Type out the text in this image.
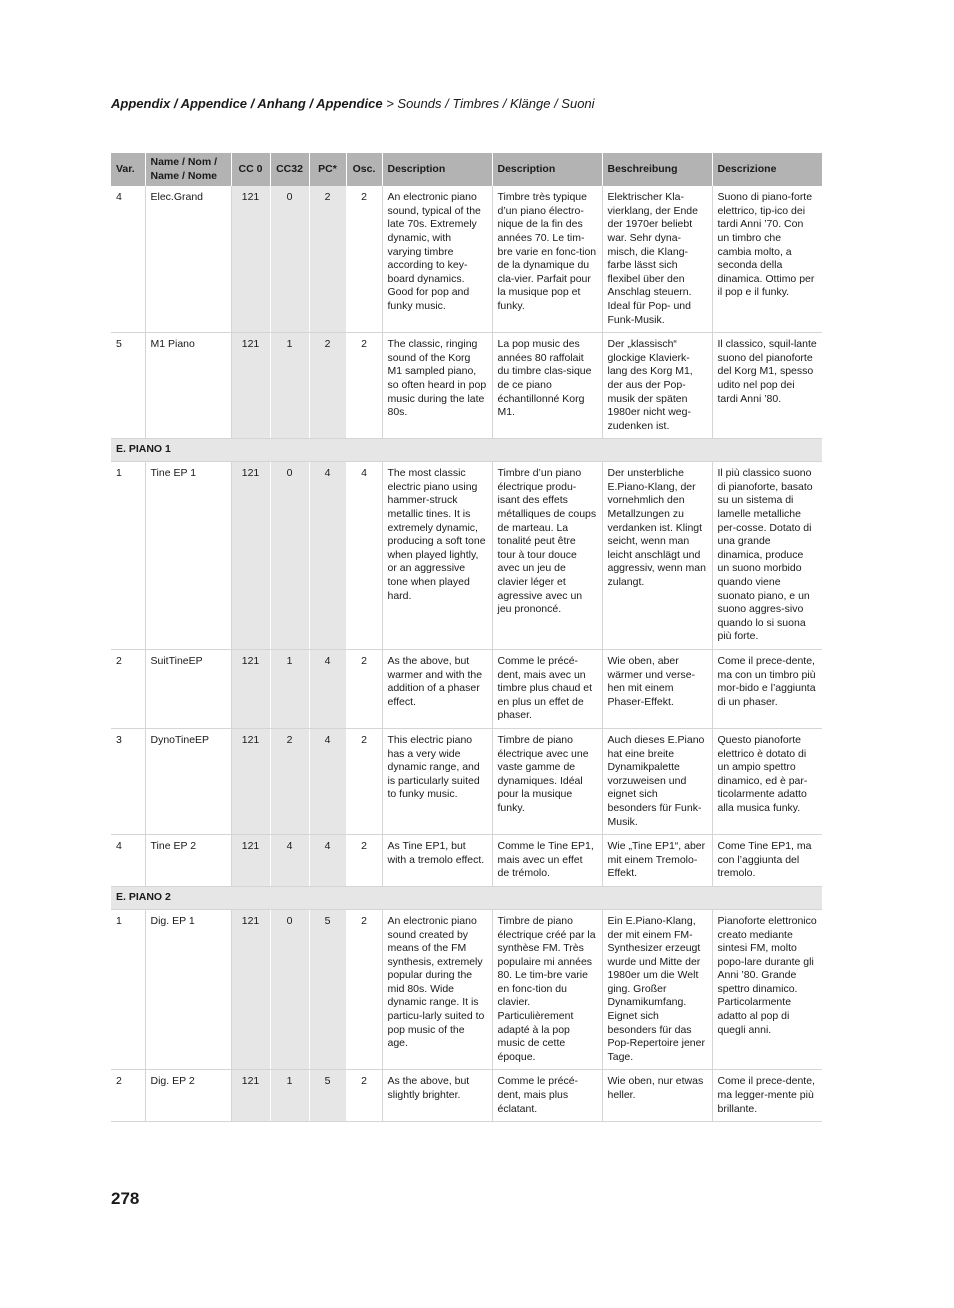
Appendix / Appendice / Anhang / Appendice > Sounds / Timbres / Klänge / Suoni
Var.	Name / Nom / Name / Nome	CC 0	CC32	PC*	Osc.	Description	Description	Beschreibung	Descrizione
4	Elec.Grand	121	0	2	2	An electronic piano sound, typical of the late 70s. Extremely dynamic, with varying timbre according to key-board dynamics. Good for pop and funky music.	Timbre très typique d’un piano électro-nique de la fin des années 70. Le tim-bre varie en fonc-tion de la dynamique du cla-vier. Parfait pour la musique pop et funky.	Elektrischer Kla-vierklang, der Ende der 1970er beliebt war. Sehr dyna-misch, die Klang-farbe lässt sich flexibel über den Anschlag steuern. Ideal für Pop- und Funk-Musik.	Suono di piano-forte elettrico, tip-ico dei tardi Anni ’70. Con un timbro che cambia molto, a seconda della dinamica. Ottimo per il pop e il funky.
5	M1 Piano	121	1	2	2	The classic, ringing sound of the Korg M1 sampled piano, so often heard in pop music during the late 80s.	La pop music des années 80 raffolait du timbre clas-sique de ce piano échantillonné Korg M1.	Der „klassisch“ glockige Klavierk-lang des Korg M1, der aus der Pop-musik der späten 1980er nicht weg-zudenken ist.	Il classico, squil-lante suono del pianoforte del Korg M1, spesso udito nel pop dei tardi Anni ’80.
E. PIANO 1									
1	Tine EP 1	121	0	4	4	The most classic electric piano using hammer-struck metallic tines. It is extremely dynamic, producing a soft tone when played lightly, or an aggressive tone when played hard.	Timbre d’un piano électrique produ-isant des effets métalliques de coups de marteau. La tonalité peut être tour à tour douce avec un jeu de clavier léger et agressive avec un jeu prononcé.	Der unsterbliche E.Piano-Klang, der vornehmlich den Metallzungen zu verdanken ist. Klingt seicht, wenn man leicht anschlägt und aggressiv, wenn man zulangt.	Il più classico suono di pianoforte, basato su un sistema di lamelle metalliche per-cosse. Dotato di una grande dinamica, produce un suono morbido quando viene suonato piano, e un suono aggres-sivo quando lo si suona più forte.
2	SuitTineEP	121	1	4	2	As the above, but warmer and with the addition of a phaser effect.	Comme le précé-dent, mais avec un timbre plus chaud et en plus un effet de phaser.	Wie oben, aber wärmer und verse-hen mit einem Phaser-Effekt.	Come il prece-dente, ma con un timbro più mor-bido e l’aggiunta di un phaser.
3	DynoTineEP	121	2	4	2	This electric piano has a very wide dynamic range, and is particularly suited to funky music.	Timbre de piano électrique avec une vaste gamme de dynamiques. Idéal pour la musique funky.	Auch dieses E.Piano hat eine breite Dynamikpalette vorzuweisen und eignet sich besonders für Funk-Musik.	Questo pianoforte elettrico è dotato di un ampio spettro dinamico, ed è par-ticolarmente adatto alla musica funky.
4	Tine EP 2	121	4	4	2	As Tine EP1, but with a tremolo effect.	Comme le Tine EP1, mais avec un effet de trémolo.	Wie „Tine EP1“, aber mit einem Tremolo-Effekt.	Come Tine EP1, ma con l’aggiunta del tremolo.
E. PIANO 2									
1	Dig. EP 1	121	0	5	2	An electronic piano sound created by means of the FM synthesis, extremely popular during the mid 80s. Wide dynamic range. It is particu-larly suited to pop music of the age.	Timbre de piano électrique créé par la synthèse FM. Très populaire mi années 80. Le tim-bre varie en fonc-tion du clavier. Particulièrement adapté à la pop music de cette époque.	Ein E.Piano-Klang, der mit einem FM-Synthesizer erzeugt wurde und Mitte der 1980er um die Welt ging. Großer Dynamikumfang. Eignet sich besonders für das Pop-Repertoire jener Tage.	Pianoforte elettronico creato mediante sintesi FM, molto popo-lare durante gli Anni ’80. Grande spettro dinamico. Particolarmente adatto al pop di quegli anni.
2	Dig. EP 2	121	1	5	2	As the above, but slightly brighter.	Comme le précé-dent, mais plus éclatant.	Wie oben, nur etwas heller.	Come il prece-dente, ma legger-mente più brillante.
278
